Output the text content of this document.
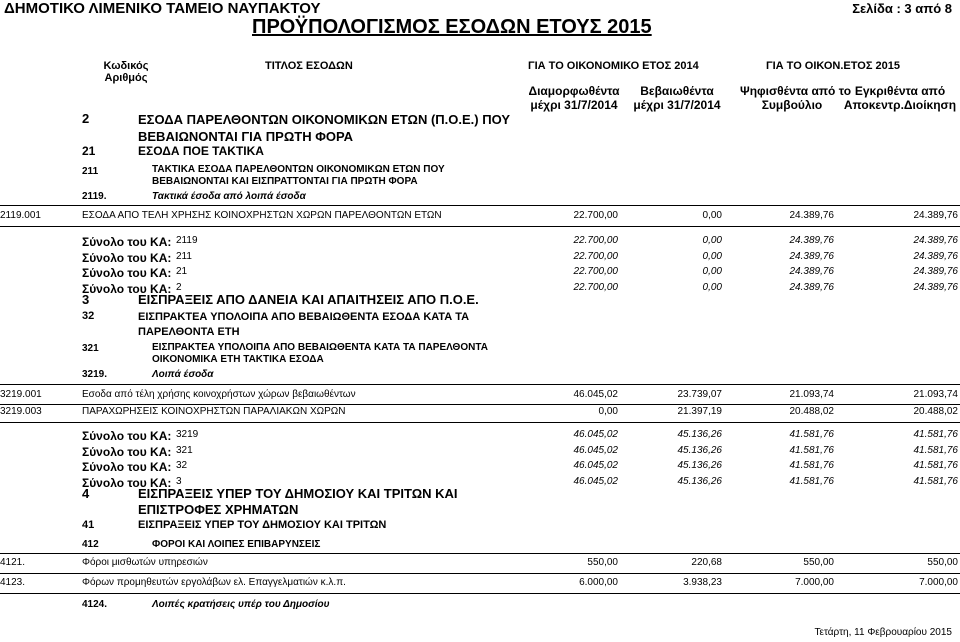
ΔΗΜΟΤΙΚΟ ΛΙΜΕΝΙΚΟ ΤΑΜΕΙΟ ΝΑΥΠΑΚΤΟΥ	Σελίδα : 3 από 8
ΠΡΟΫΠΟΛΟΓΙΣΜΟΣ ΕΣΟΔΩΝ ΕΤΟΥΣ 2015
Κωδικός
Αριθμός
ΤΙΤΛΟΣ ΕΣΟΔΩΝ	ΓΙΑ ΤΟ ΟΙΚΟΝΟΜΙΚΟ ΕΤΟΣ 2014	ΓΙΑ ΤΟ ΟΙΚΟΝ.ΕΤΟΣ 2015
Διαμορφωθέντα
μέχρι 31/7/2014
Βεβαιωθέντα
μέχρι 31/7/2014
Ψηφισθέντα από το
Συμβούλιο
Εγκριθέντα από
Αποκεντρ.Διοίκηση
2	ΕΣΟΔΑ ΠΑΡΕΛΘΟΝΤΩΝ ΟΙΚΟΝΟΜΙΚΩΝ ΕΤΩΝ (Π.Ο.Ε.) ΠΟΥ
ΒΕΒΑΙΩΝΟΝΤΑΙ ΓΙΑ ΠΡΩΤΗ ΦΟΡΑ
21	ΕΣΟΔΑ ΠΟΕ ΤΑΚΤΙΚΑ
211	ΤΑΚΤΙΚΑ ΕΣΟΔΑ ΠΑΡΕΛΘΟΝΤΩΝ ΟΙΚΟΝΟΜΙΚΩΝ ΕΤΩΝ ΠΟΥ
ΒΕΒΑΙΩΝΟΝΤΑΙ ΚΑΙ ΕΙΣΠΡΑΤΤΟΝΤΑΙ ΓΙΑ ΠΡΩΤΗ ΦΟΡΑ
2119.	Τακτικά έσοδα από λοιπά έσοδα
2119.001	ΕΣΟΔΑ ΑΠΟ ΤΕΛΗ ΧΡΗΣΗΣ ΚΟΙΝΟΧΡΗΣΤΩΝ ΧΩΡΩΝ ΠΑΡΕΛΘΟΝΤΩΝ ΕΤΩΝ	22.700,00	0,00	24.389,76	24.389,76
Σύνολο του ΚΑ: 2119	22.700,00	0,00	24.389,76	24.389,76
Σύνολο του ΚΑ: 211	22.700,00	0,00	24.389,76	24.389,76
Σύνολο του ΚΑ: 21	22.700,00	0,00	24.389,76	24.389,76
Σύνολο του ΚΑ: 2	22.700,00	0,00	24.389,76	24.389,76
3	ΕΙΣΠΡΑΞΕΙΣ ΑΠΟ ΔΑΝΕΙΑ ΚΑΙ ΑΠΑΙΤΗΣΕΙΣ ΑΠΟ Π.Ο.Ε.
32	ΕΙΣΠΡΑΚΤΕΑ ΥΠΟΛΟΙΠΑ ΑΠΟ ΒΕΒΑΙΩΘΕΝΤΑ ΕΣΟΔΑ ΚΑΤΑ ΤΑ
ΠΑΡΕΛΘΟΝΤΑ ΕΤΗ
321	ΕΙΣΠΡΑΚΤΕΑ ΥΠΟΛΟΙΠΑ ΑΠΟ ΒΕΒΑΙΩΘΕΝΤΑ ΚΑΤΑ ΤΑ ΠΑΡΕΛΘΟΝΤΑ
ΟΙΚΟΝΟΜΙΚΑ ΕΤΗ ΤΑΚΤΙΚΑ ΕΣΟΔΑ
3219.	Λοιπά έσοδα
3219.001	Εσοδα από τέλη χρήσης κοινοχρήστων χώρων βεβαιωθέντων	46.045,02	23.739,07	21.093,74	21.093,74
3219.003	ΠΑΡΑΧΩΡΗΣΕΙΣ ΚΟΙΝΟΧΡΗΣΤΩΝ ΠΑΡΑΛΙΑΚΩΝ ΧΩΡΩΝ	0,00	21.397,19	20.488,02	20.488,02
Σύνολο του ΚΑ: 3219	46.045,02	45.136,26	41.581,76	41.581,76
Σύνολο του ΚΑ: 321	46.045,02	45.136,26	41.581,76	41.581,76
Σύνολο του ΚΑ: 32	46.045,02	45.136,26	41.581,76	41.581,76
Σύνολο του ΚΑ: 3	46.045,02	45.136,26	41.581,76	41.581,76
4	ΕΙΣΠΡΑΞΕΙΣ ΥΠΕΡ ΤΟΥ ΔΗΜΟΣΙΟΥ ΚΑΙ ΤΡΙΤΩΝ ΚΑΙ
ΕΠΙΣΤΡΟΦΕΣ ΧΡΗΜΑΤΩΝ
41	ΕΙΣΠΡΑΞΕΙΣ ΥΠΕΡ ΤΟΥ ΔΗΜΟΣΙΟΥ ΚΑΙ ΤΡΙΤΩΝ
412	ΦΟΡΟΙ ΚΑΙ ΛΟΙΠΕΣ ΕΠΙΒΑΡΥΝΣΕΙΣ
4121.	Φόροι μισθωτών υπηρεσιών	550,00	220,68	550,00	550,00
4123.	Φόρων προμηθευτών εργολάβων ελ. Επαγγελματιών κ.λ.π.	6.000,00	3.938,23	7.000,00	7.000,00
4124.	Λοιπές κρατήσεις υπέρ του Δημοσίου
Τετάρτη, 11 Φεβρουαρίου 2015
